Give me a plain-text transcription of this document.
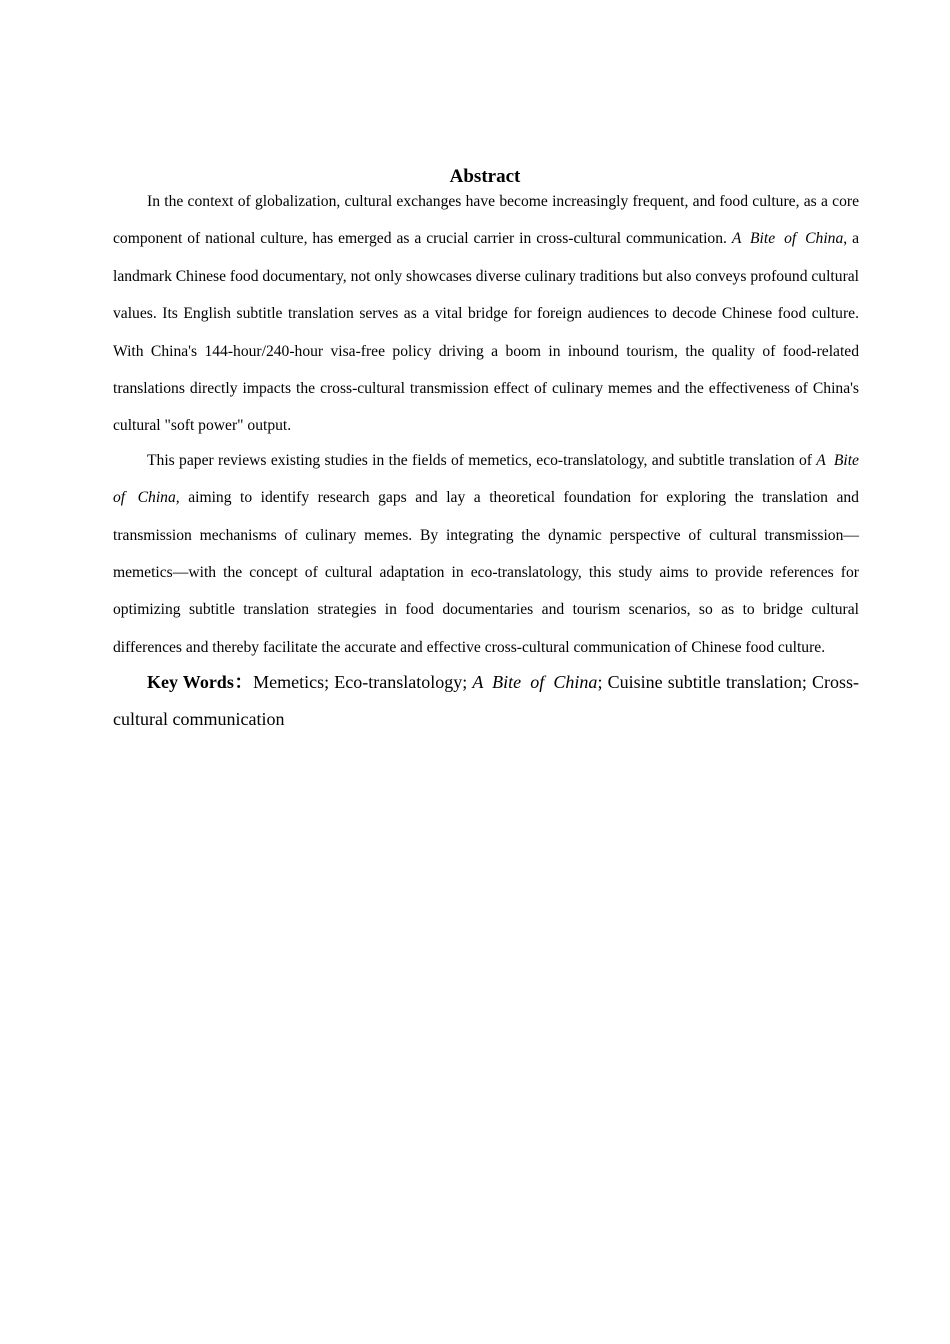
Abstract

In the context of globalization, cultural exchanges have become increasingly frequent, and food culture, as a core component of national culture, has emerged as a crucial carrier in cross-cultural communication. A Bite of China, a landmark Chinese food documentary, not only showcases diverse culinary traditions but also conveys profound cultural values. Its English subtitle translation serves as a vital bridge for foreign audiences to decode Chinese food culture. With China's 144-hour/240-hour visa-free policy driving a boom in inbound tourism, the quality of food-related translations directly impacts the cross-cultural transmission effect of culinary memes and the effectiveness of China's cultural "soft power" output.

This paper reviews existing studies in the fields of memetics, eco-translatology, and subtitle translation of A Bite of China, aiming to identify research gaps and lay a theoretical foundation for exploring the translation and transmission mechanisms of culinary memes. By integrating the dynamic perspective of cultural transmission—memetics—with the concept of cultural adaptation in eco-translatology, this study aims to provide references for optimizing subtitle translation strategies in food documentaries and tourism scenarios, so as to bridge cultural differences and thereby facilitate the accurate and effective cross-cultural communication of Chinese food culture.

Key Words：Memetics; Eco-translatology; A Bite of China; Cuisine subtitle translation; Cross-cultural communication
